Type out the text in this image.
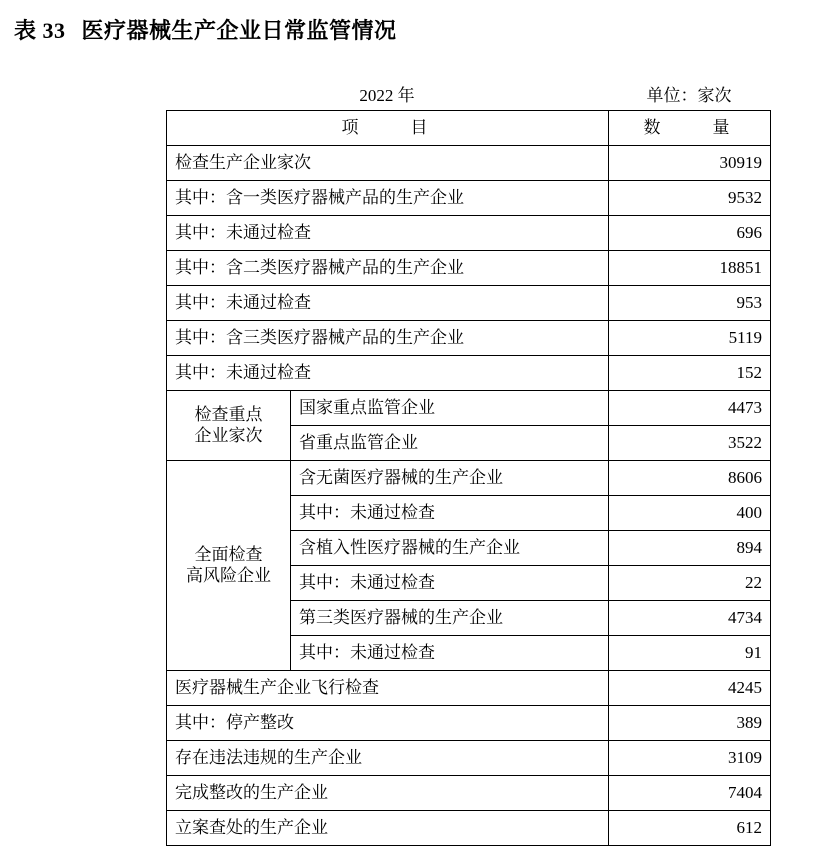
表 33 医疗器械生产企业日常监管情况
2022 年	单位：家次
项　　目		数　　量
检查生产企业家次		30919
其中：含一类医疗器械产品的生产企业		9532
其中：未通过检查		696
其中：含二类医疗器械产品的生产企业		18851
其中：未通过检查		953
其中：含三类医疗器械产品的生产企业		5119
其中：未通过检查		152

检查重点
企业家次	国家重点监管企业	4473
	省重点监管企业	3522

全面检查
高风险企业	含无菌医疗器械的生产企业	8606
	其中：未通过检查	400
	含植入性医疗器械的生产企业	894
	其中：未通过检查	22
	第三类医疗器械的生产企业	4734
	其中：未通过检查	91
医疗器械生产企业飞行检查		4245
其中：停产整改		389
存在违法违规的生产企业		3109
完成整改的生产企业		7404
立案查处的生产企业		612
